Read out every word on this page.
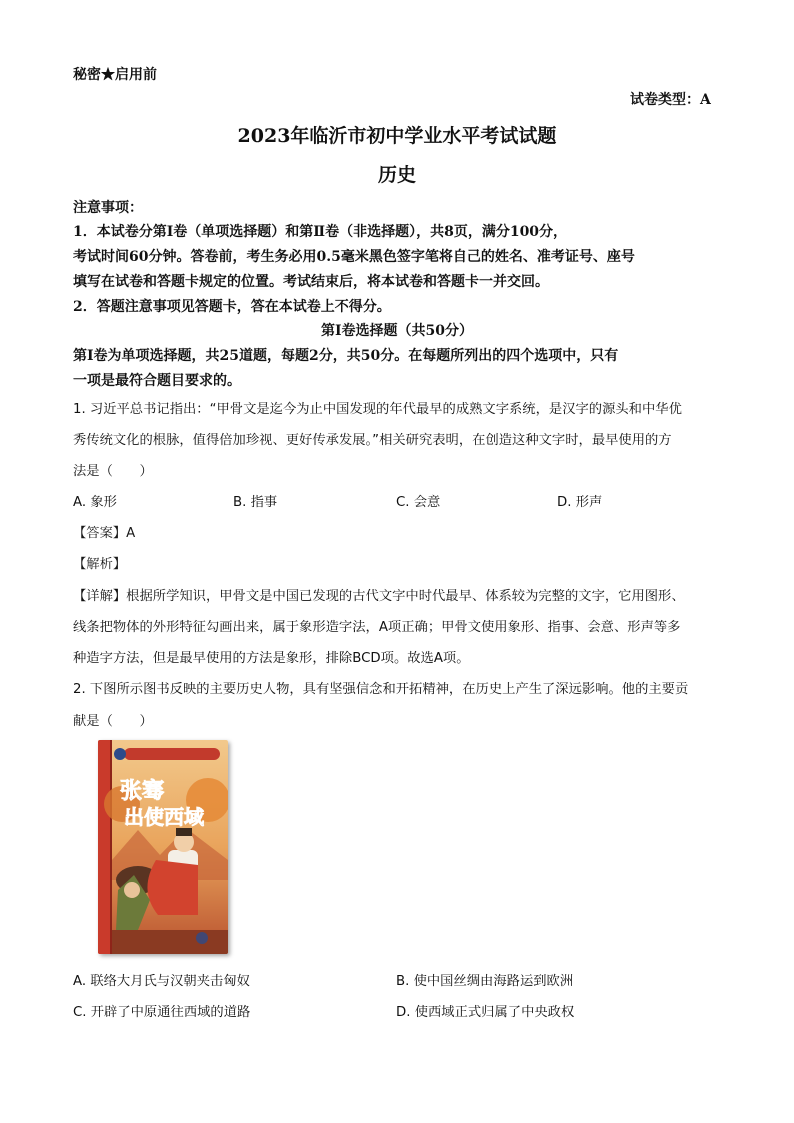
秘密★启用前
试卷类型：A
2023年临沂市初中学业水平考试试题
历史
注意事项：
1．本试卷分第Ⅰ卷（单项选择题）和第Ⅱ卷（非选择题），共8页，满分100分，
考试时间60分钟。答卷前，考生务必用0.5毫米黑色签字笔将自己的姓名、准考证号、座号
填写在试卷和答题卡规定的位置。考试结束后，将本试卷和答题卡一并交回。
2．答题注意事项见答题卡，答在本试卷上不得分。
第Ⅰ卷选择题（共50分）
第Ⅰ卷为单项选择题，共25道题，每题2分，共50分。在每题所列出的四个选项中，只有
一项是最符合题目要求的。
1. 习近平总书记指出：“甲骨文是迄今为止中国发现的年代最早的成熟文字系统，是汉字的源头和中华优
秀传统文化的根脉，值得倍加珍视、更好传承发展。”相关研究表明，在创造这种文字时，最早使用的方
法是（　　）
A. 象形	B. 指事	C. 会意	D. 形声
【答案】A
【解析】
【详解】根据所学知识，甲骨文是中国已发现的古代文字中时代最早、体系较为完整的文字，它用图形、
线条把物体的外形特征勾画出来，属于象形造字法，A项正确；甲骨文使用象形、指事、会意、形声等多
种造字方法，但是最早使用的方法是象形，排除BCD项。故选A项。
2. 下图所示图书反映的主要历史人物，具有坚强信念和开拓精神，在历史上产生了深远影响。他的主要贡
献是（　　）
张骞
出使西域
A. 联络大月氏与汉朝夹击匈奴	B. 使中国丝绸由海路运到欧洲
C. 开辟了中原通往西域的道路	D. 使西域正式归属了中央政权
